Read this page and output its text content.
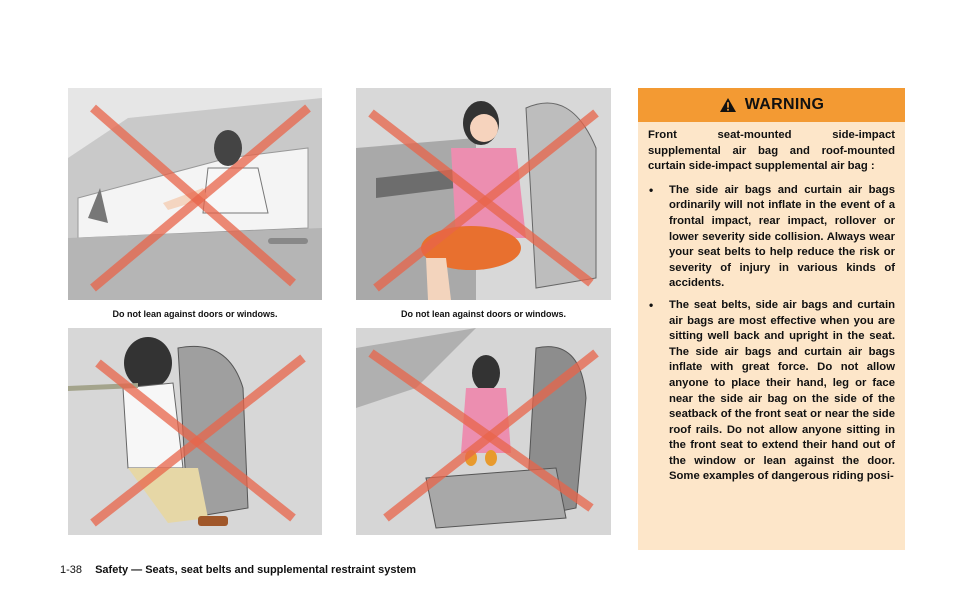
Do not lean against doors or windows.	Do not lean against doors or windows.
WARNING

Front seat-mounted side-impact supplemental air bag and roof-mounted curtain side-impact supplemental air bag :

• The side air bags and curtain air bags ordinarily will not inflate in the event of a frontal impact, rear impact, rollover or lower severity side collision. Always wear your seat belts to help reduce the risk or severity of injury in various kinds of accidents.
• The seat belts, side air bags and curtain air bags are most effective when you are sitting well back and upright in the seat. The side air bags and curtain air bags inflate with great force. Do not allow anyone to place their hand, leg or face near the side air bag on the side of the seatback of the front seat or near the side roof rails. Do not allow anyone sitting in the front seat to extend their hand out of the window or lean against the door. Some examples of dangerous riding posi-
1-38 Safety — Seats, seat belts and supplemental restraint system
